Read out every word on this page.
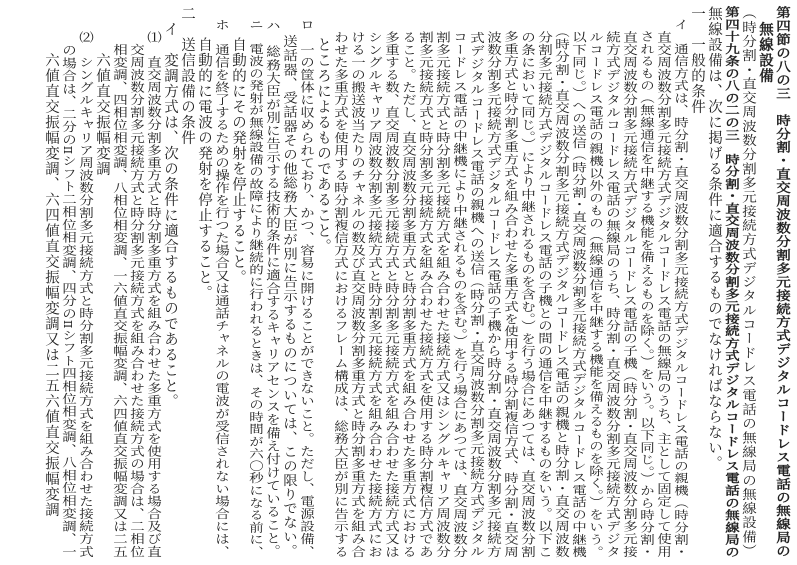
第四節の八の三　時分割・直交周波数分割多元接続方式デジタルコードレス電話の無線局の
　無線設備
（時分割・直交周波数分割多元接続方式デジタルコードレス電話の無線局の無線設備）
第四十九条の八の二の三　時分割・直交周波数分割多元接続方式デジタルコードレス電話の無線局の
無線設備は、次に掲げる条件に適合するものでなければならない。
一　一般的条件
　イ　通信方式は、時分割・直交周波数分割多元接続方式デジタルコードレス電話の親機（時分割・
　　直交周波数分割多元接続方式デジタルコードレス電話の無線局のうち、主として固定して使用
　　されるもの（無線通信を中継する機能を備えるものを除く。）をいう。以下同じ。）から時分割・
　　直交周波数分割多元接続方式デジタルコードレス電話の子機（時分割・直交周波数分割多元接
　　続方式デジタルコードレス電話の無線局のうち、時分割・直交周波数分割多元接続方式デジタ
　　ルコードレス電話の親機以外のもの（無線通信を中継する機能を備えるものを除く。）をいう。
　　以下同じ。）への送信（時分割・直交周波数分割多元接続方式デジタルコードレス電話の中継機
　　（時分割・直交周波数分割多元接続方式デジタルコードレス電話の親機と時分割・直交周波数
　　分割多元接続方式デジタルコードレス電話の子機との間の通信を中継するものをいう。以下こ
　　の条において同じ。）により中継されるものを含む。）を行う場合にあつては、直交周波数分割
　　多重方式と時分割多重方式を組み合わせた多重方式を使用する時分割複信方式、時分割・直交周
　　波数分割多元接続方式デジタルコードレス電話の子機から時分割・直交周波数分割多元接続方
　　式デジタルコードレス電話の親機への送信（時分割・直交周波数分割多元接続方式デジタル
　　コードレス電話の中継機により中継されるものを含む。）を行う場合にあつては、直交周波数分
　　割多元接続方式と時分割多元接続方式を組み合わせた接続方式又はシングルキャリア周波数分
　　割多元接続方式と時分割多元接続方式を組み合わせた接続方式を使用する時分割複信方式であ
　　ること。ただし、直交周波数分割多重方式と時分割多重方式を組み合わせた多重方式における
　　多重する数、直交周波数分割多元接続方式と時分割多元接続方式を組み合わせた接続方式又は
　　シングルキャリア周波数分割多元接続方式と時分割多元接続方式を組み合わせた接続方式にお
　　ける一の搬送波当たりのチャネルの数及び直交周波数分割多重方式と時分割多重方式を組み合
　　わせた多重方式を使用する時分割複信方式におけるフレーム構成は、総務大臣が別に告示する
　　ところによるものであること。
　ロ　一の筐体に収められており、かつ、容易に開けることができないこと。ただし、電源設備、
　　送話器、受話器その他総務大臣が別に告示するものについては、この限りでない。
　ハ　総務大臣が別に告示する技術的条件に適合するキャリアセンスを備え付けていること。
　ニ　電波の発射が無線設備の故障により継続的に行われるときは、その時間が六〇秒になる前に、
　　自動的にその発射を停止すること。
　ホ　通信を終了するための操作を行つた場合又は通話チャネルの電波が受信されない場合には、
　　自動的に電波の発射を停止すること。
二　送信設備の条件
　イ　変調方式は、次の条件に適合するものであること。
　　⑴　直交周波数分割多重方式と時分割多重方式を組み合わせた多重方式を使用する場合及び直
　　　交周波数分割多元接続方式と時分割多元接続方式を組み合わせた接続方式の場合は、二相位
　　　相変調、四相位相変調、八相位相変調、一六値直交振幅変調、六四値直交振幅変調又は二五
　　　六値直交振幅変調
　　⑵　シングルキャリア周波数分割多元接続方式と時分割多元接続方式を組み合わせた接続方式
　　　の場合は、二分のπシフト二相位相変調、四分のπシフト四相位相変調、八相位相変調、一
　　　六値直交振幅変調、六四値直交振幅変調又は二五六値直交振幅変調
